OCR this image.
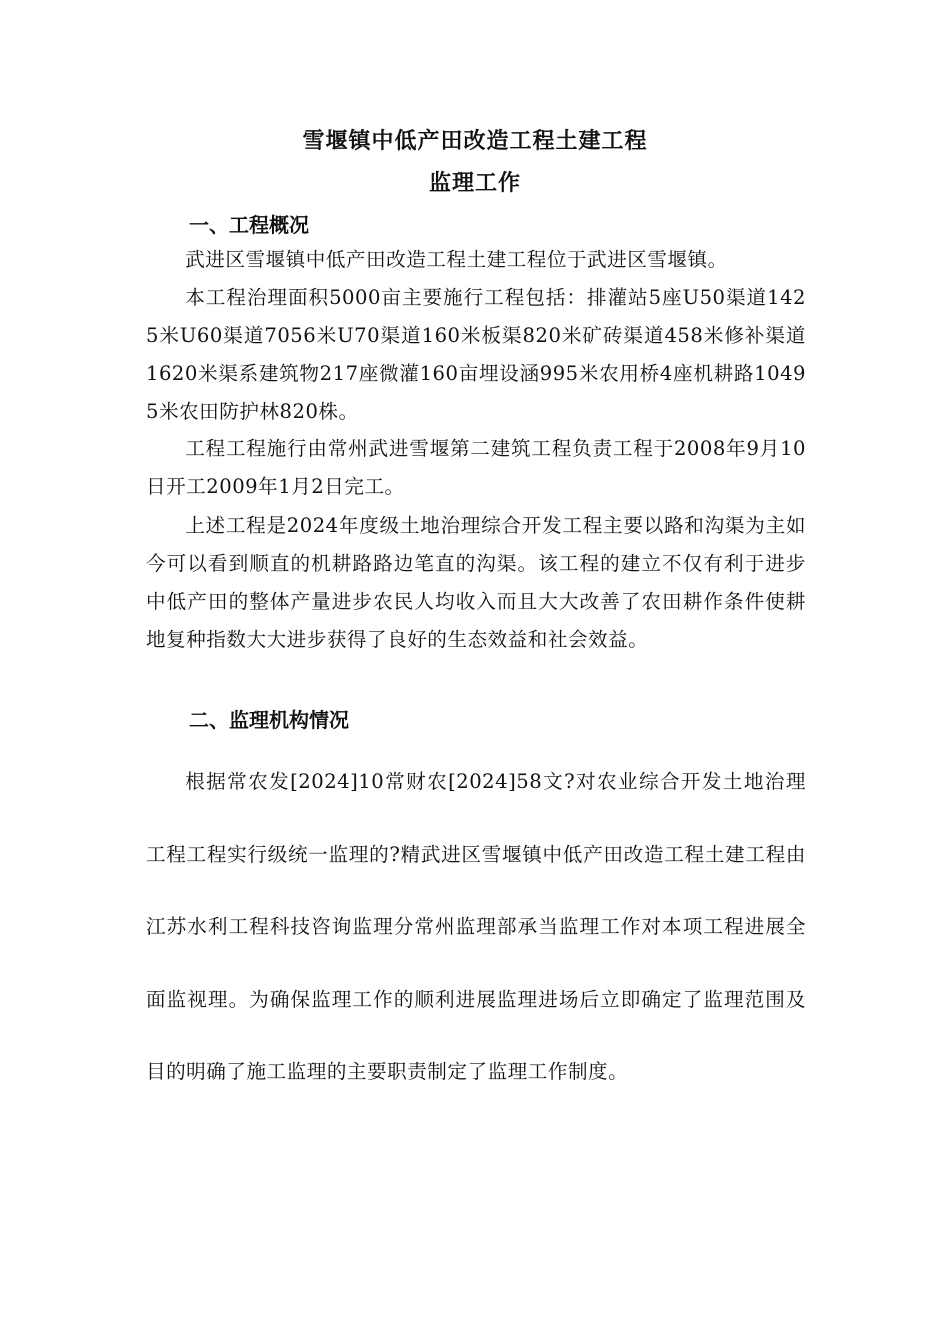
雪堰镇中低产田改造工程土建工程
监理工作
一、工程概况

武进区雪堰镇中低产田改造工程土建工程位于武进区雪堰镇。

本工程治理面积5000亩主要施行工程包括：排灌站5座U50渠道1425米U60渠道7056米U70渠道160米板渠820米矿砖渠道458米修补渠道1620米渠系建筑物217座微灌160亩埋设涵995米农用桥4座机耕路10495米农田防护林820株。

工程工程施行由常州武进雪堰第二建筑工程负责工程于2008年9月10日开工2009年1月2日完工。

上述工程是2024年度级土地治理综合开发工程主要以路和沟渠为主如今可以看到顺直的机耕路路边笔直的沟渠。该工程的建立不仅有利于进步中低产田的整体产量进步农民人均收入而且大大改善了农田耕作条件使耕地复种指数大大进步获得了良好的生态效益和社会效益。

二、监理机构情况

根据常农发[2024]10常财农[2024]58文?对农业综合开发土地治理工程工程实行级统一监理的?精武进区雪堰镇中低产田改造工程土建工程由江苏水利工程科技咨询监理分常州监理部承当监理工作对本项工程进展全面监视理。为确保监理工作的顺利进展监理进场后立即确定了监理范围及目的明确了施工监理的主要职责制定了监理工作制度。
